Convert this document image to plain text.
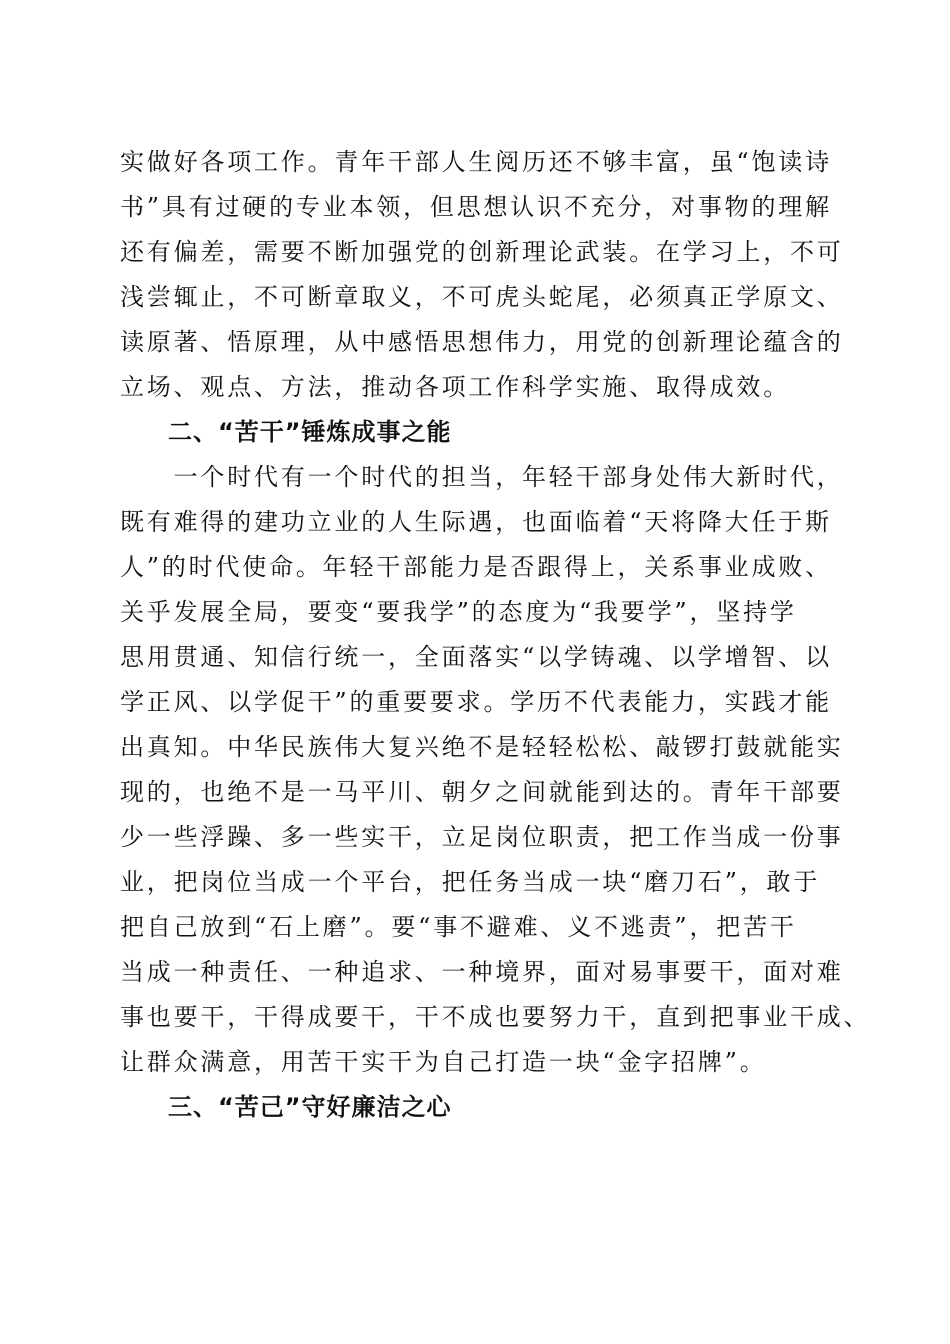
实做好各项工作。青年干部人生阅历还不够丰富，虽“饱读诗
书”具有过硬的专业本领，但思想认识不充分，对事物的理解
还有偏差，需要不断加强党的创新理论武装。在学习上，不可
浅尝辄止，不可断章取义，不可虎头蛇尾，必须真正学原文、
读原著、悟原理，从中感悟思想伟力，用党的创新理论蕴含的
立场、观点、方法，推动各项工作科学实施、取得成效。
二、“苦干”锤炼成事之能
　　一个时代有一个时代的担当，年轻干部身处伟大新时代，
既有难得的建功立业的人生际遇，也面临着“天将降大任于斯
人”的时代使命。年轻干部能力是否跟得上，关系事业成败、
关乎发展全局，要变“要我学”的态度为“我要学”，坚持学
思用贯通、知信行统一，全面落实“以学铸魂、以学增智、以
学正风、以学促干”的重要要求。学历不代表能力，实践才能
出真知。中华民族伟大复兴绝不是轻轻松松、敲锣打鼓就能实
现的，也绝不是一马平川、朝夕之间就能到达的。青年干部要
少一些浮躁、多一些实干，立足岗位职责，把工作当成一份事
业，把岗位当成一个平台，把任务当成一块“磨刀石”，敢于
把自己放到“石上磨”。要“事不避难、义不逃责”，把苦干
当成一种责任、一种追求、一种境界，面对易事要干，面对难
事也要干，干得成要干，干不成也要努力干，直到把事业干成、
让群众满意，用苦干实干为自己打造一块“金字招牌”。
三、“苦己”守好廉洁之心
